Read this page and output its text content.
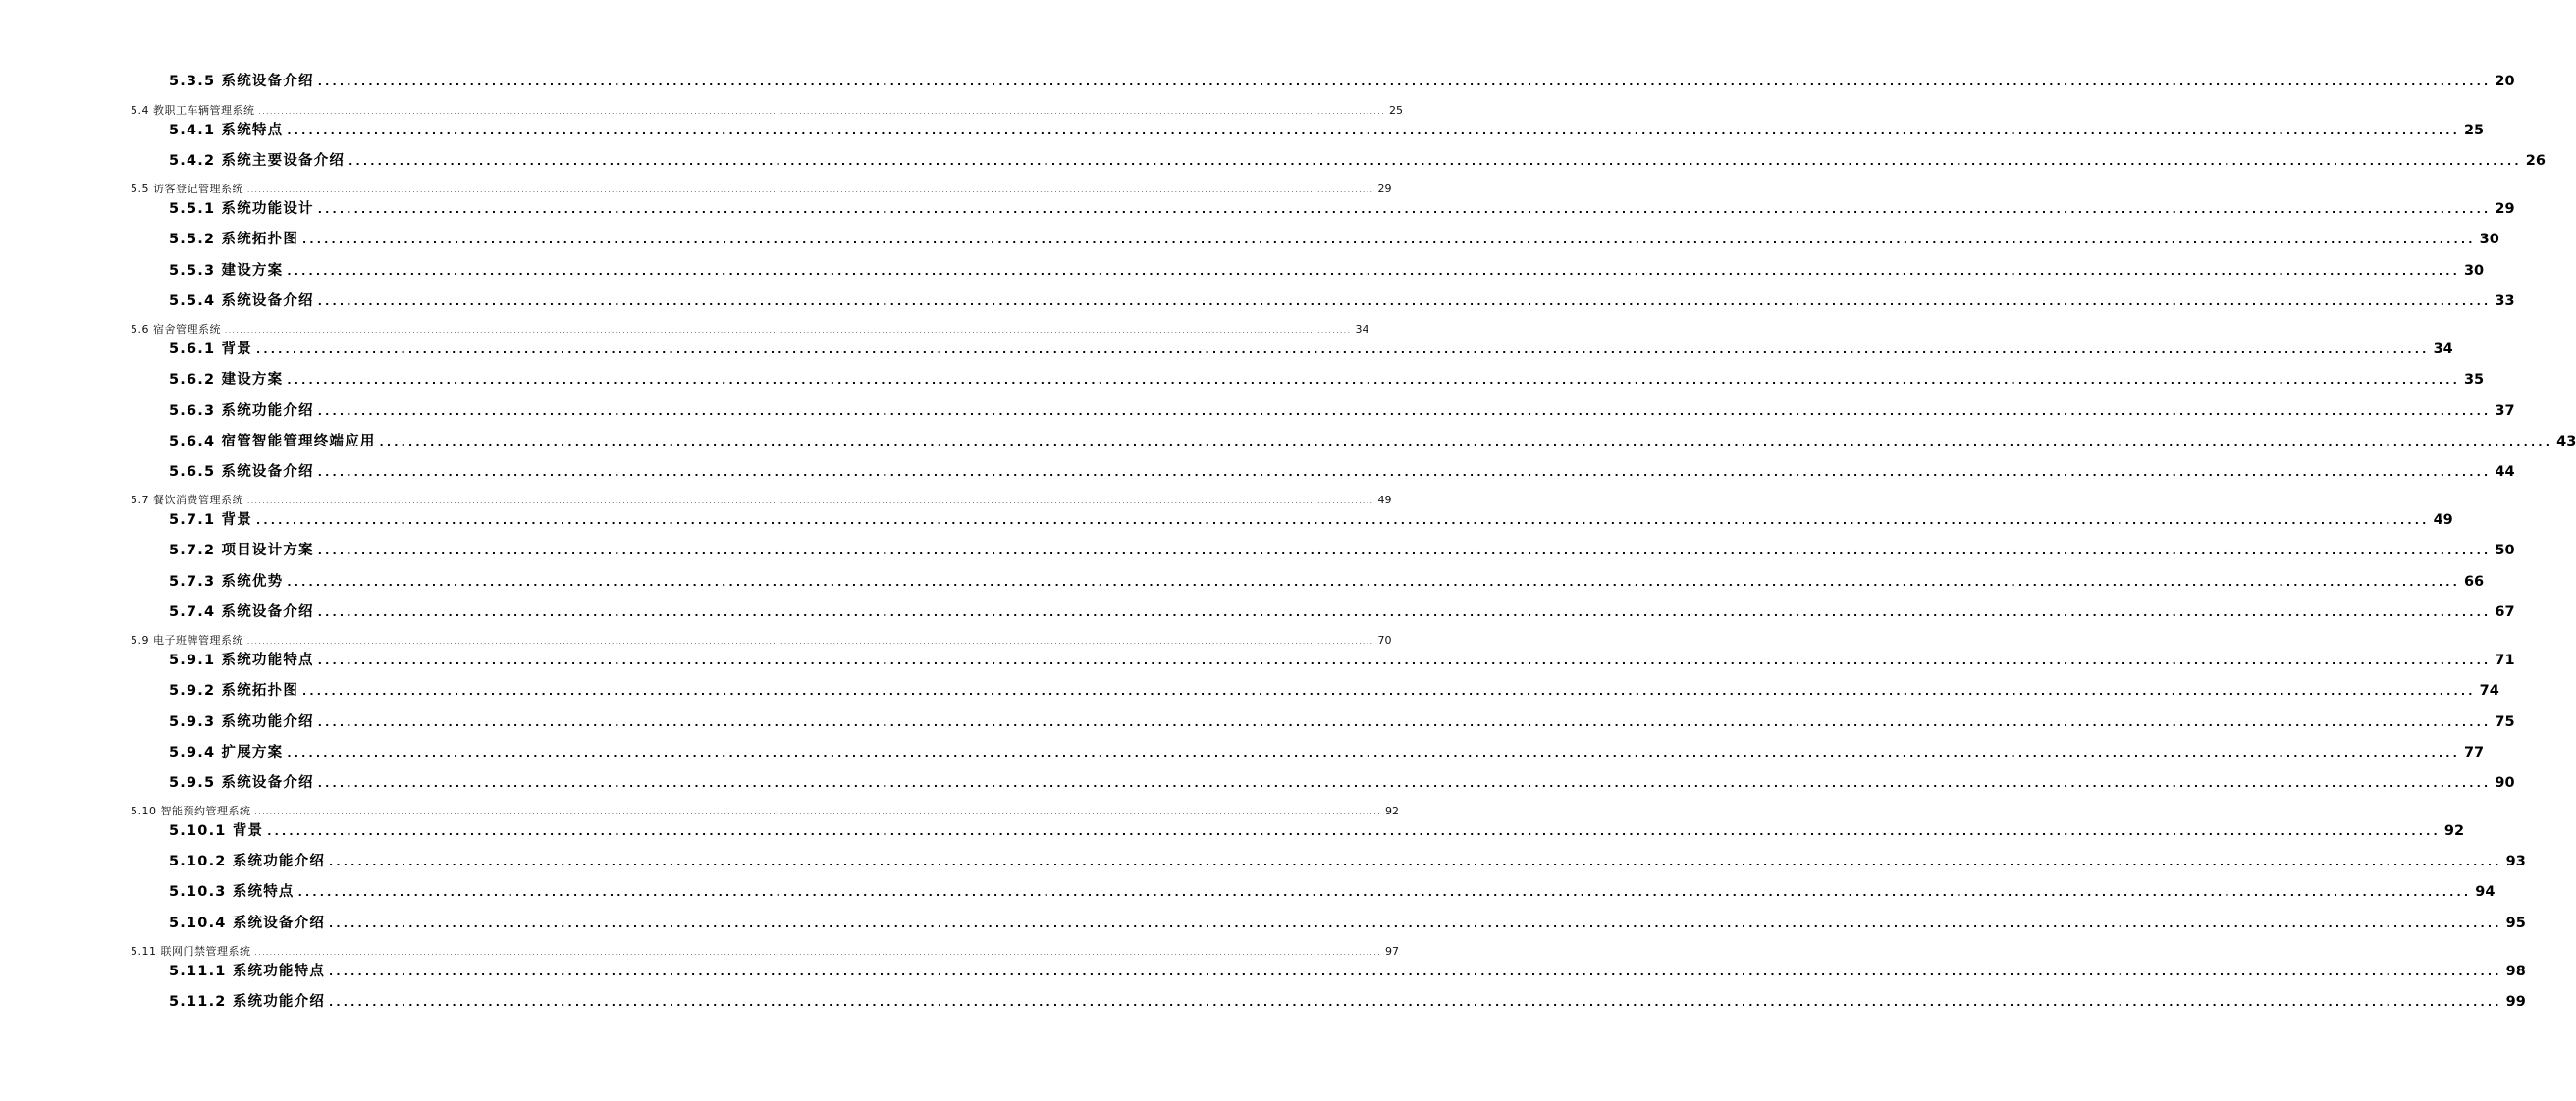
5.3.5 系统设备介绍 ............................................................................................................................................................................................................................................................................................................ 20
5.4 教职工车辆管理系统 ............................................................................................................................................................................................................................................................................................................ 25
5.4.1 系统特点 ............................................................................................................................................................................................................................................................................................................ 25
5.4.2 系统主要设备介绍 ............................................................................................................................................................................................................................................................................................................ 26
5.5 访客登记管理系统 ............................................................................................................................................................................................................................................................................................................ 29
5.5.1 系统功能设计 ............................................................................................................................................................................................................................................................................................................ 29
5.5.2 系统拓扑图 ............................................................................................................................................................................................................................................................................................................ 30
5.5.3 建设方案 ............................................................................................................................................................................................................................................................................................................ 30
5.5.4 系统设备介绍 ............................................................................................................................................................................................................................................................................................................ 33
5.6 宿舍管理系统 ............................................................................................................................................................................................................................................................................................................ 34
5.6.1 背景 ............................................................................................................................................................................................................................................................................................................ 34
5.6.2 建设方案 ............................................................................................................................................................................................................................................................................................................ 35
5.6.3 系统功能介绍 ............................................................................................................................................................................................................................................................................................................ 37
5.6.4 宿管智能管理终端应用 ............................................................................................................................................................................................................................................................................................................ 43
5.6.5 系统设备介绍 ............................................................................................................................................................................................................................................................................................................ 44
5.7 餐饮消费管理系统 ............................................................................................................................................................................................................................................................................................................ 49
5.7.1 背景 ............................................................................................................................................................................................................................................................................................................ 49
5.7.2 项目设计方案 ............................................................................................................................................................................................................................................................................................................ 50
5.7.3 系统优势 ............................................................................................................................................................................................................................................................................................................ 66
5.7.4 系统设备介绍 ............................................................................................................................................................................................................................................................................................................ 67
5.9 电子班牌管理系统 ............................................................................................................................................................................................................................................................................................................ 70
5.9.1 系统功能特点 ............................................................................................................................................................................................................................................................................................................ 71
5.9.2 系统拓扑图 ............................................................................................................................................................................................................................................................................................................ 74
5.9.3 系统功能介绍 ............................................................................................................................................................................................................................................................................................................ 75
5.9.4 扩展方案 ............................................................................................................................................................................................................................................................................................................ 77
5.9.5 系统设备介绍 ............................................................................................................................................................................................................................................................................................................ 90
5.10 智能预约管理系统 ............................................................................................................................................................................................................................................................................................................ 92
5.10.1 背景 ............................................................................................................................................................................................................................................................................................................ 92
5.10.2 系统功能介绍 ............................................................................................................................................................................................................................................................................................................ 93
5.10.3 系统特点 ............................................................................................................................................................................................................................................................................................................ 94
5.10.4 系统设备介绍 ............................................................................................................................................................................................................................................................................................................ 95
5.11 联网门禁管理系统 ............................................................................................................................................................................................................................................................................................................ 97
5.11.1 系统功能特点 ............................................................................................................................................................................................................................................................................................................ 98
5.11.2 系统功能介绍 ............................................................................................................................................................................................................................................................................................................ 99
